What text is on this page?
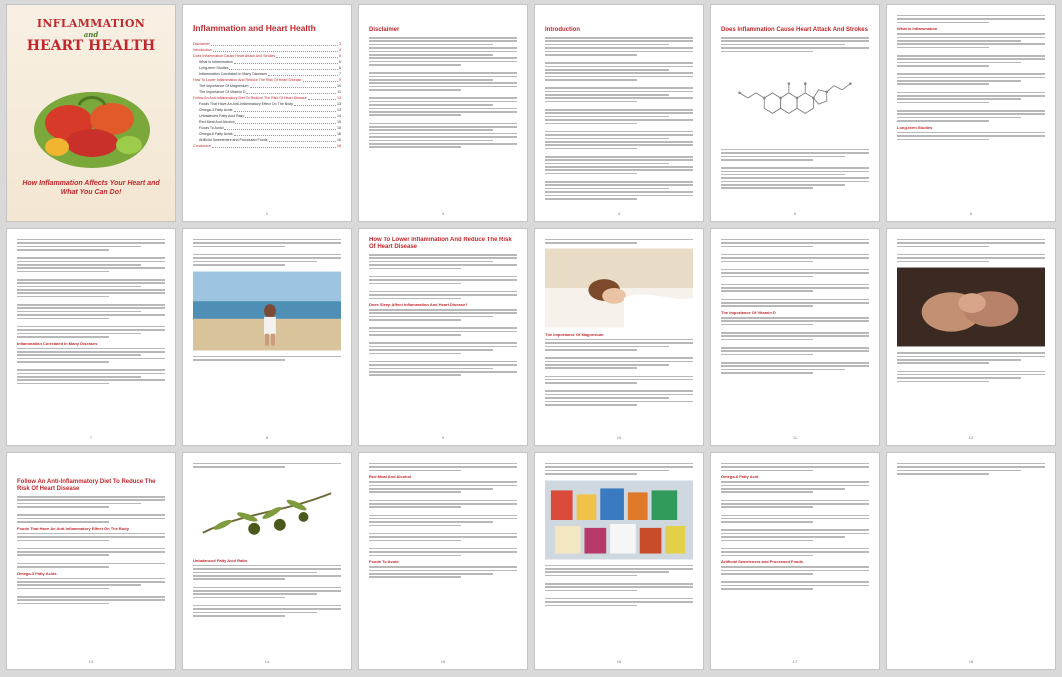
INFLAMMATION
and
HEART HEALTH
How Inflammation Affects Your Heart and What You Can Do!
Inflammation and Heart Health
Disclaimer	3
Introduction	4
Does Inflammation Cause Heart Attack And Strokes	5
What Is Inflammation	6
Long-term Studies	6
Inflammation Correlated In Many Diseases	7
How To Lower Inflammation And Reduce The Risk Of Heart Disease	9
The Importance Of Magnesium	10
The Importance Of Vitamin D	11
Follow An Anti-Inflammatory Diet To Reduce The Risk Of Heart Disease	13
Foods That Have An Anti-Inflammatory Effect On The Body	13
Omega-3 Fatty Acids	13
Unbalanced Fatty Acid Ratio	14
Red Meat And Alcohol	15
Foods To Avoid	15
Omega-6 Fatty Acids	16
Artificial Sweeteners and Processed Foods	16
Conclusion	18
2
Disclaimer
3
Introduction
4
Does Inflammation Cause Heart Attack And Strokes
5
What Is Inflammation
Long-term Studies
6
Inflammation Correlated In Many Diseases
7	8
How To Lower Inflammation And Reduce The Risk Of Heart Disease
Does Sleep Affect Inflammation And Heart Disease?
9
The Importance Of Magnesium
10
The Importance Of Vitamin D
11	12
Follow An Anti-Inflammatory Diet To Reduce The Risk Of Heart Disease
Foods That Have An Anti-Inflammatory Effect On The Body
Omega-3 Fatty Acids
13
Unbalanced Fatty Acid Ratio
14
Red Meat And Alcohol
Foods To Avoid
15	16
Omega-6 Fatty Acid
Artificial Sweeteners and Processed Foods
17	18
